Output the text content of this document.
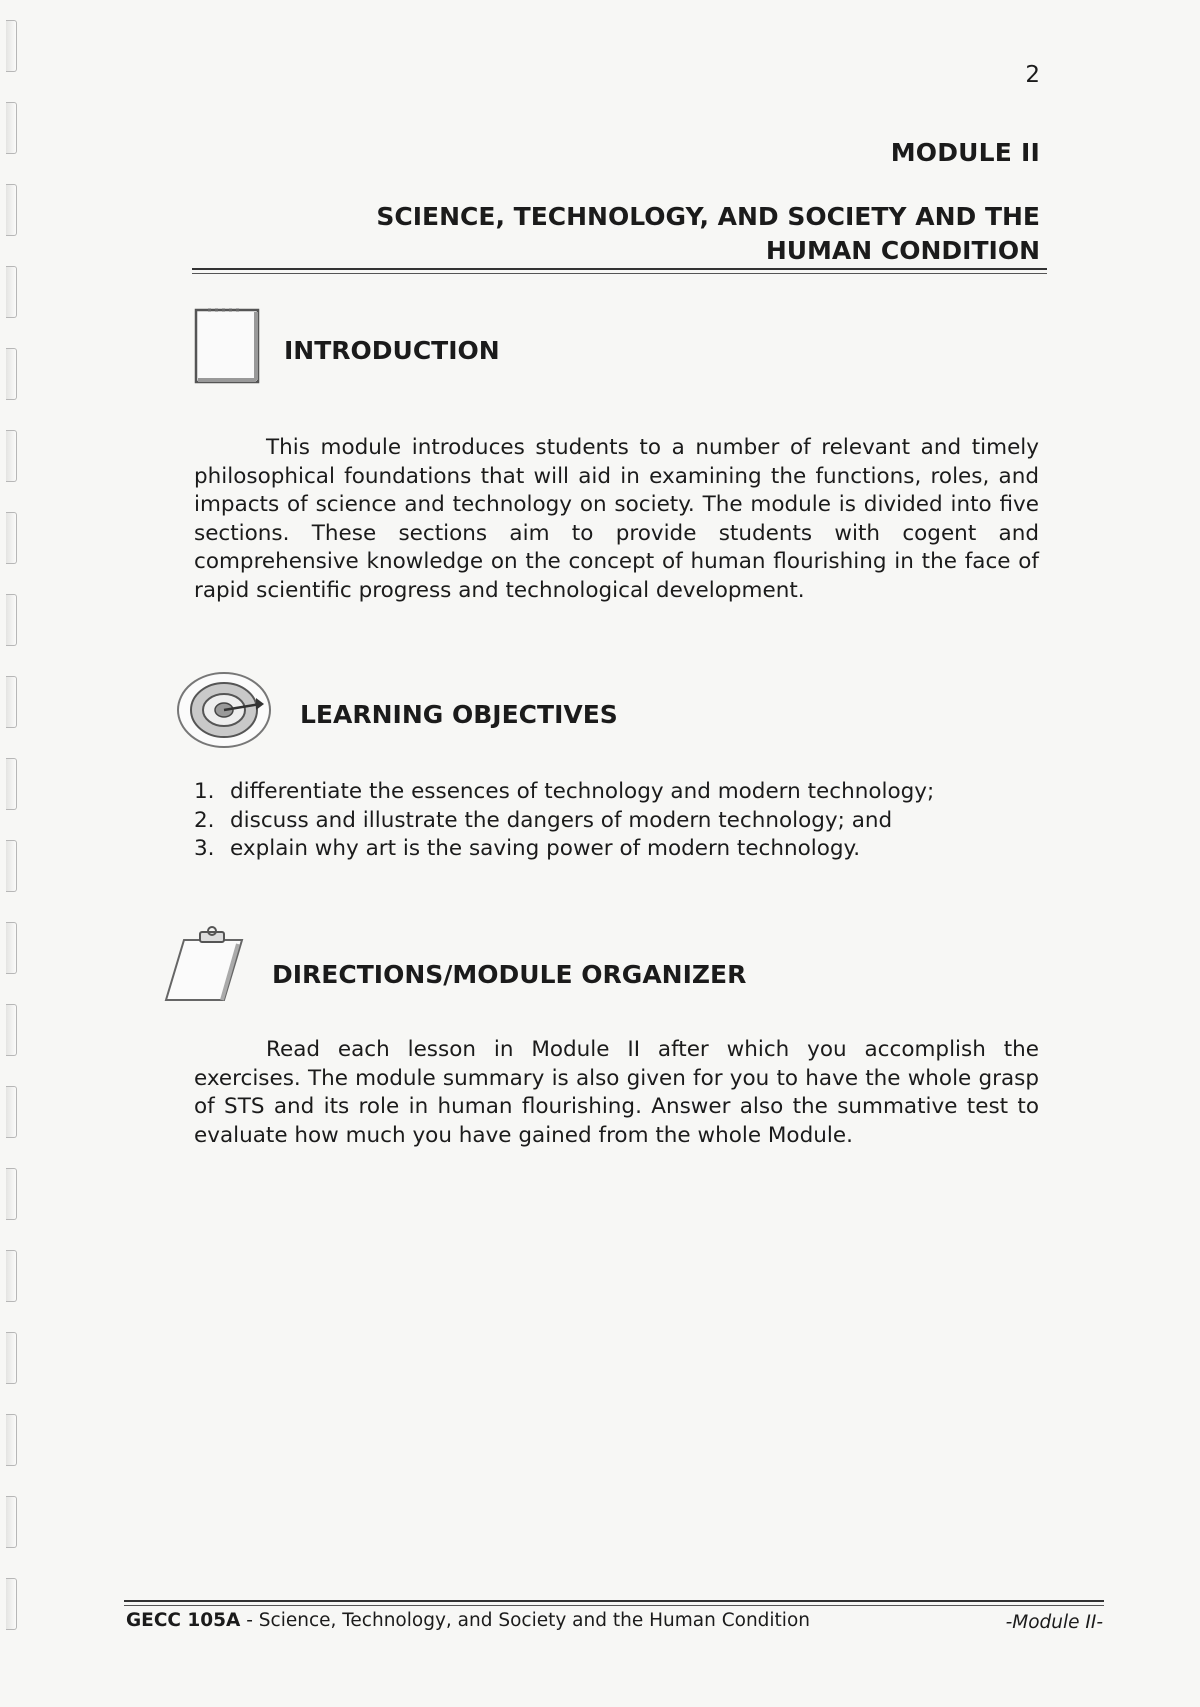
2
MODULE II
SCIENCE, TECHNOLOGY, AND SOCIETY AND THE HUMAN CONDITION
INTRODUCTION

This module introduces students to a number of relevant and timely philosophical foundations that will aid in examining the functions, roles, and impacts of science and technology on society. The module is divided into five sections. These sections aim to provide students with cogent and comprehensive knowledge on the concept of human flourishing in the face of rapid scientific progress and technological development.

LEARNING OBJECTIVES
1. differentiate the essences of technology and modern technology;
2. discuss and illustrate the dangers of modern technology; and
3. explain why art is the saving power of modern technology.
DIRECTIONS/MODULE ORGANIZER

Read each lesson in Module II after which you accomplish the exercises. The module summary is also given for you to have the whole grasp of STS and its role in human flourishing. Answer also the summative test to evaluate how much you have gained from the whole Module.

GECC 105A - Science, Technology, and Society and the Human Condition	-Module II-
